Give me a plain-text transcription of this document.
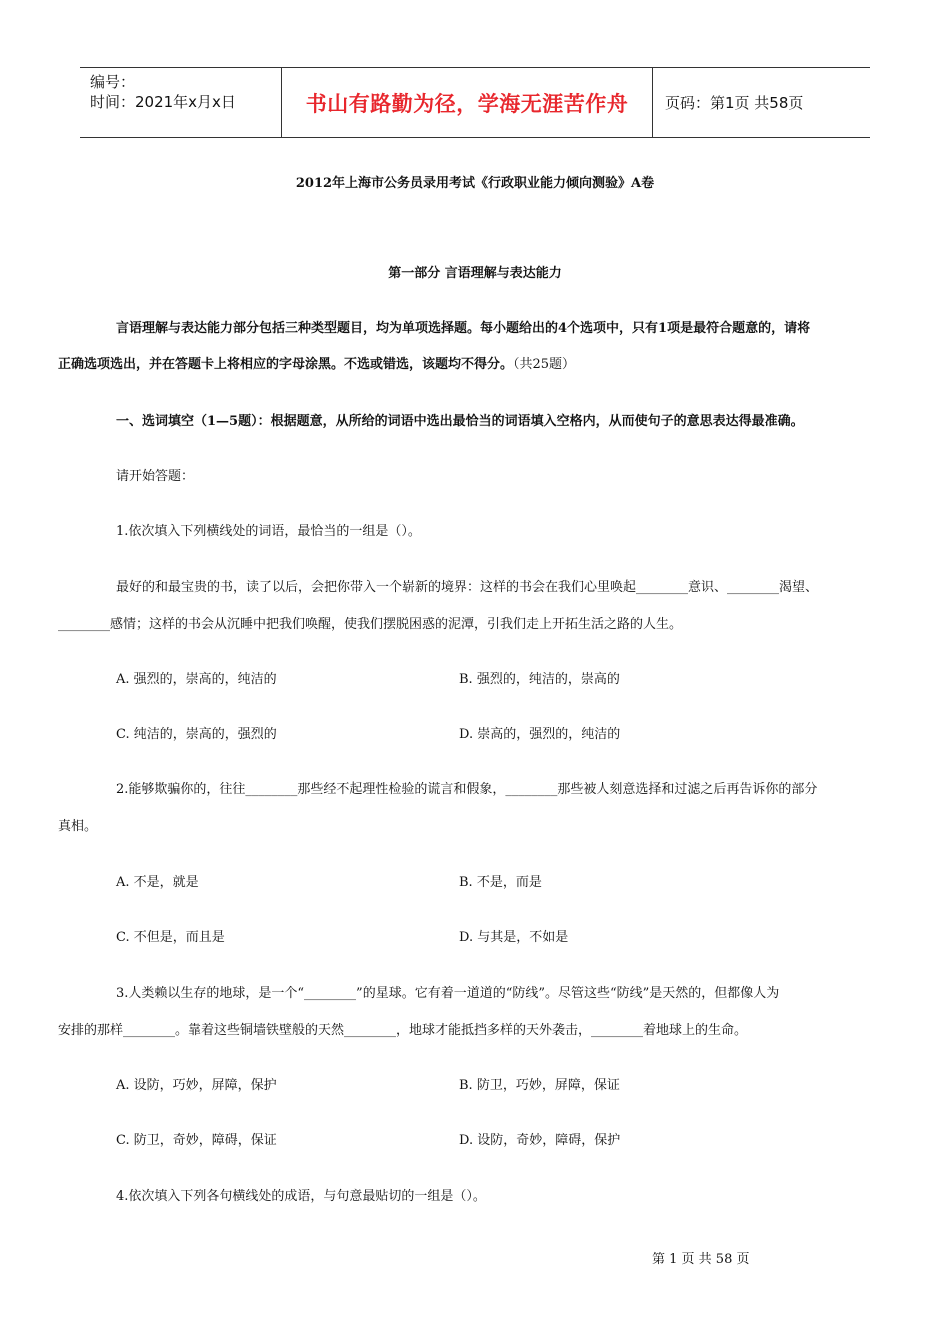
编号：
时间：2021年x月x日	书山有路勤为径，学海无涯苦作舟 页码：第1页 共58页
2012年上海市公务员录用考试《行政职业能力倾向测验》A卷
第一部分 言语理解与表达能力
言语理解与表达能力部分包括三种类型题目，均为单项选择题。每小题给出的4个选项中，只有1项是最符合题意的，请将
正确选项选出，并在答题卡上将相应的字母涂黑。不选或错选，该题均不得分。（共25题）
一、选词填空（1—5题）：根据题意，从所给的词语中选出最恰当的词语填入空格内，从而使句子的意思表达得最准确。
请开始答题：
1.依次填入下列横线处的词语，最恰当的一组是（）。
最好的和最宝贵的书，读了以后，会把你带入一个崭新的境界：这样的书会在我们心里唤起________意识、________渴望、
________感情；这样的书会从沉睡中把我们唤醒，使我们摆脱困惑的泥潭，引我们走上开拓生活之路的人生。
A. 强烈的，崇高的，纯洁的	B. 强烈的，纯洁的，崇高的
C. 纯洁的，崇高的，强烈的	D. 崇高的，强烈的，纯洁的
2.能够欺骗你的，往往________那些经不起理性检验的谎言和假象，________那些被人刻意选择和过滤之后再告诉你的部分
真相。
A. 不是，就是	B. 不是，而是
C. 不但是，而且是	D. 与其是，不如是
3.人类赖以生存的地球，是一个“________”的星球。它有着一道道的“防线”。尽管这些“防线”是天然的，但都像人为
安排的那样________。靠着这些铜墙铁壁般的天然________，地球才能抵挡多样的天外袭击，________着地球上的生命。
A. 设防，巧妙，屏障，保护	B. 防卫，巧妙，屏障，保证
C. 防卫，奇妙，障碍，保证	D. 设防，奇妙，障碍，保护
4.依次填入下列各句横线处的成语，与句意最贴切的一组是（）。
第 1 页 共 58 页
